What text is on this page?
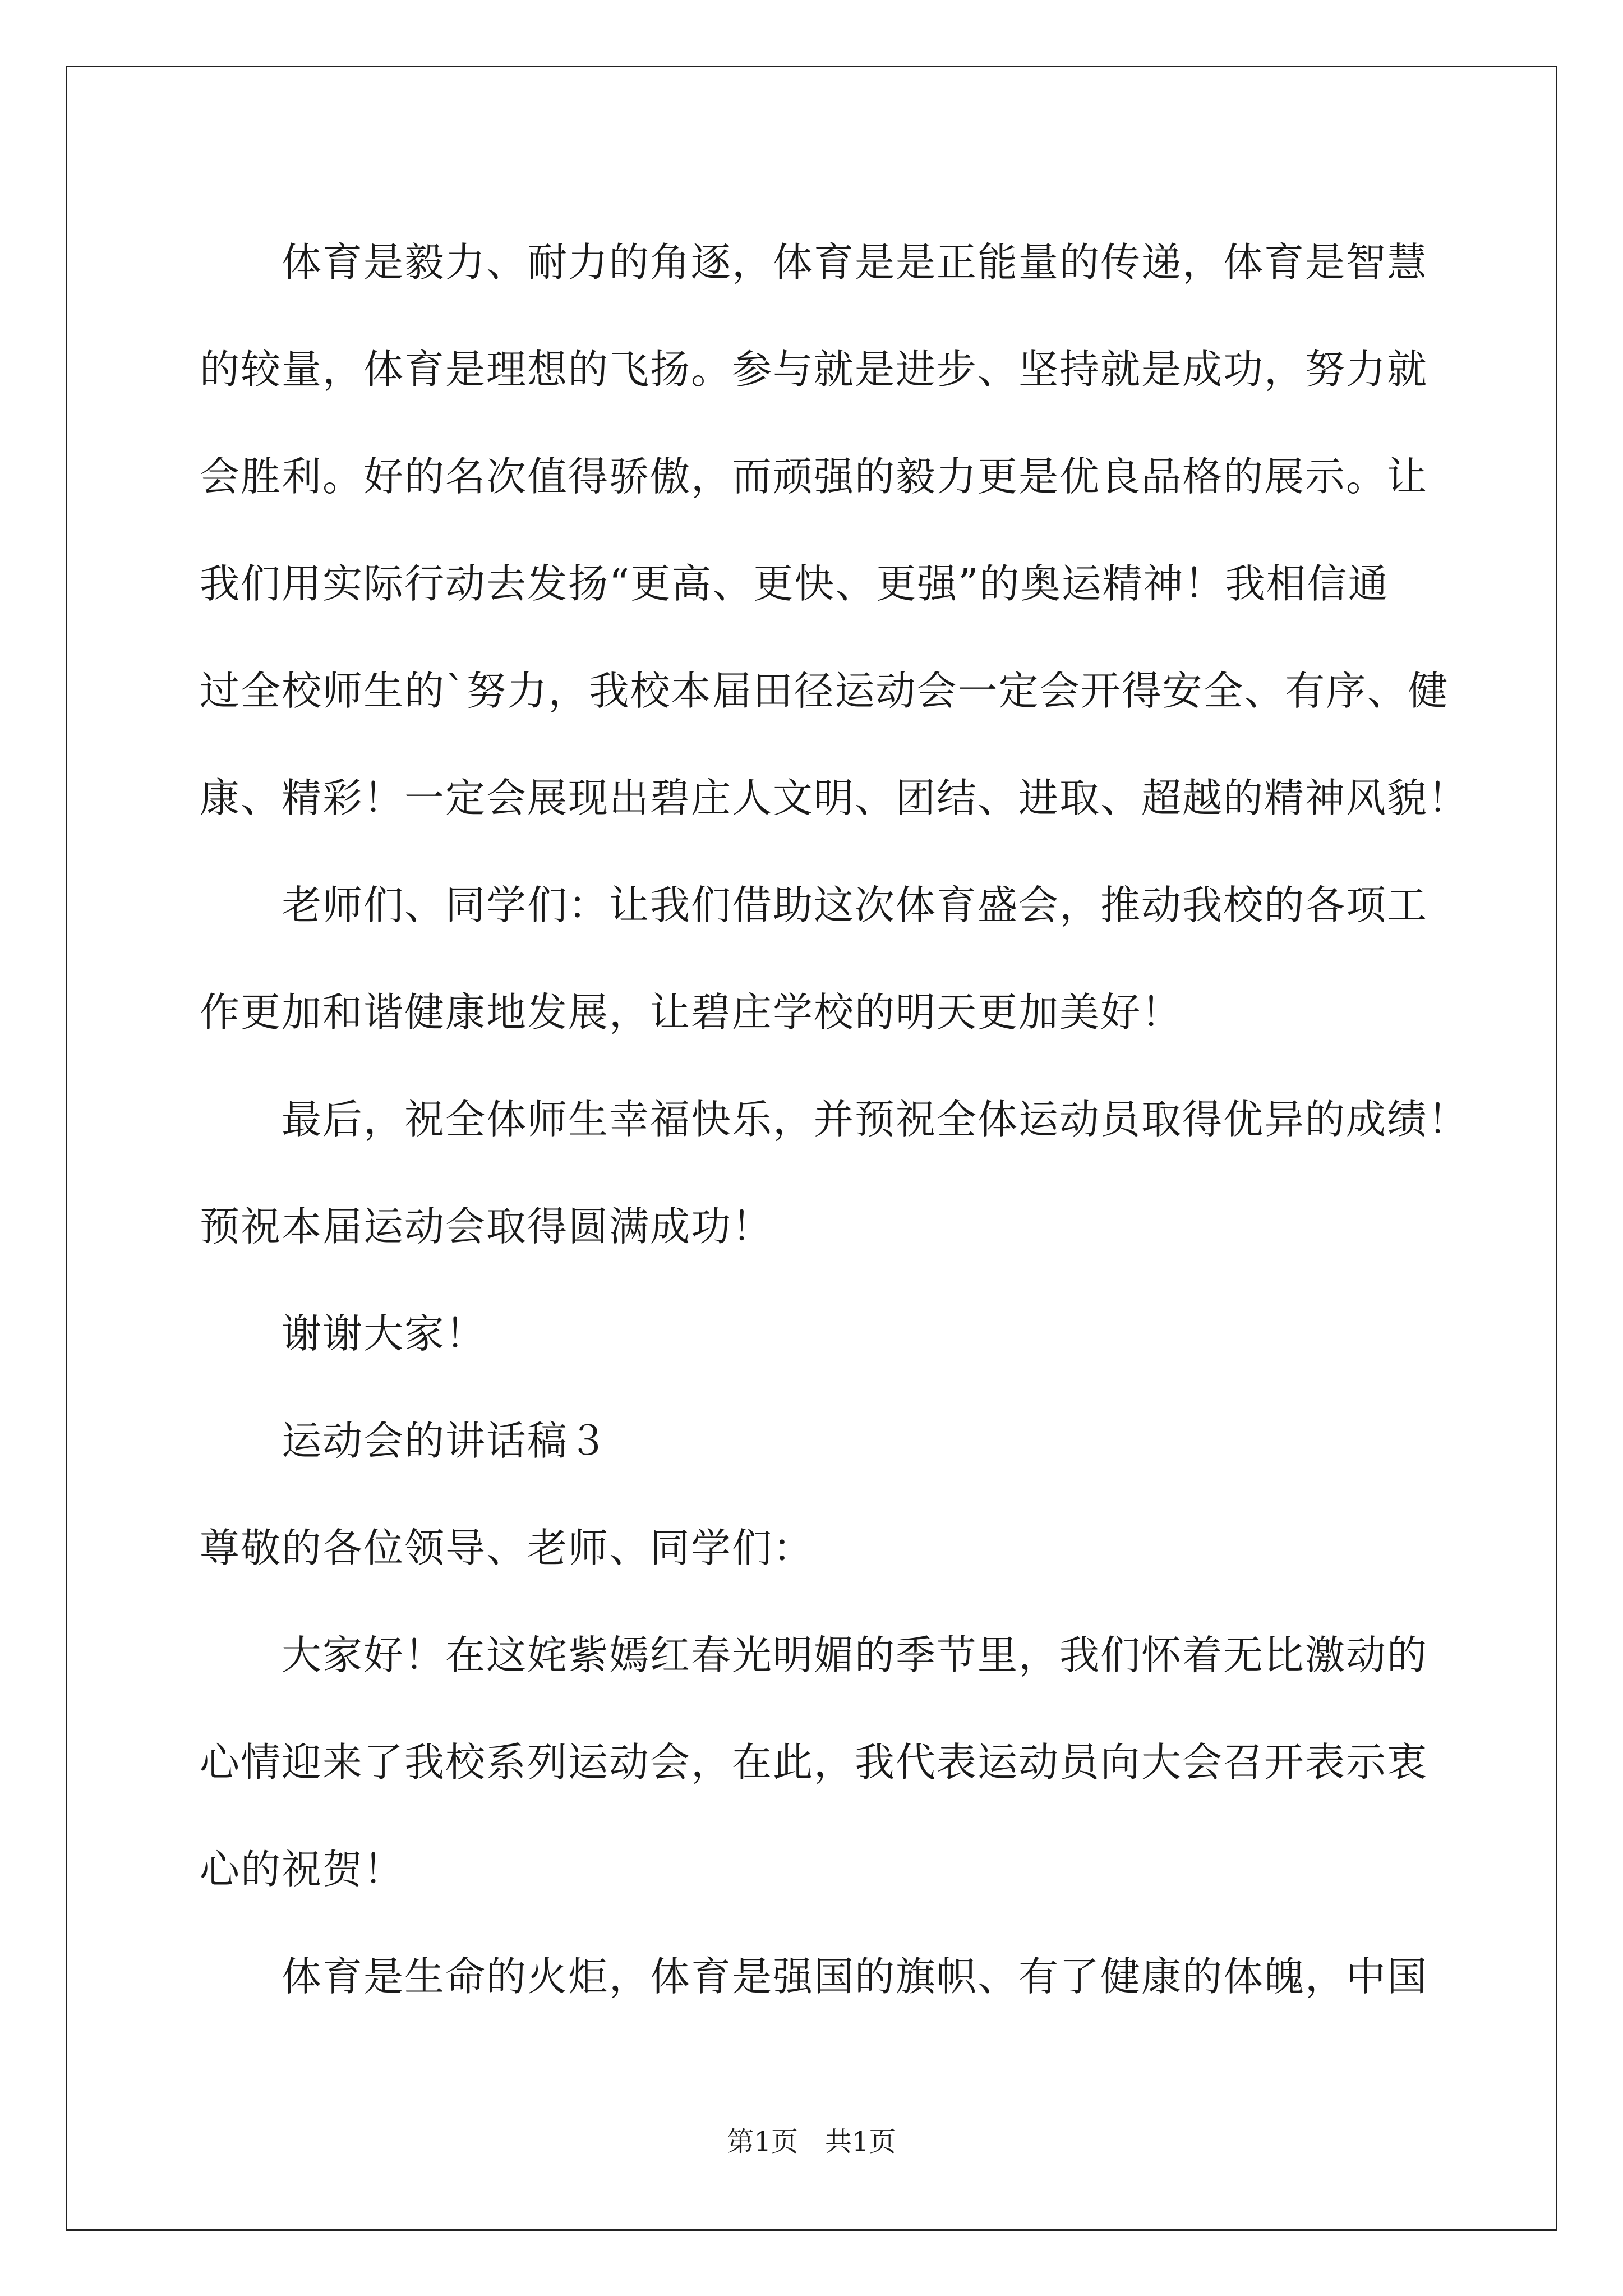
　　体育是毅力、耐力的角逐，体育是是正能量的传递，体育是智慧
的较量，体育是理想的飞扬。参与就是进步、坚持就是成功，努力就
会胜利。好的名次值得骄傲，而顽强的毅力更是优良品格的展示。让
我们用实际行动去发扬“更高、更快、更强”的奥运精神！我相信通
过全校师生的`努力，我校本届田径运动会一定会开得安全、有序、健
康、精彩！一定会展现出碧庄人文明、团结、进取、超越的精神风貌！
　　老师们、同学们：让我们借助这次体育盛会，推动我校的各项工
作更加和谐健康地发展，让碧庄学校的明天更加美好！
　　最后，祝全体师生幸福快乐，并预祝全体运动员取得优异的成绩！
预祝本届运动会取得圆满成功！
　　谢谢大家！
　　运动会的讲话稿３
尊敬的各位领导、老师、同学们：
　　大家好！在这姹紫嫣红春光明媚的季节里，我们怀着无比激动的
心情迎来了我校系列运动会，在此，我代表运动员向大会召开表示衷
心的祝贺！
　　体育是生命的火炬，体育是强国的旗帜、有了健康的体魄，中国
第1页　共1页
